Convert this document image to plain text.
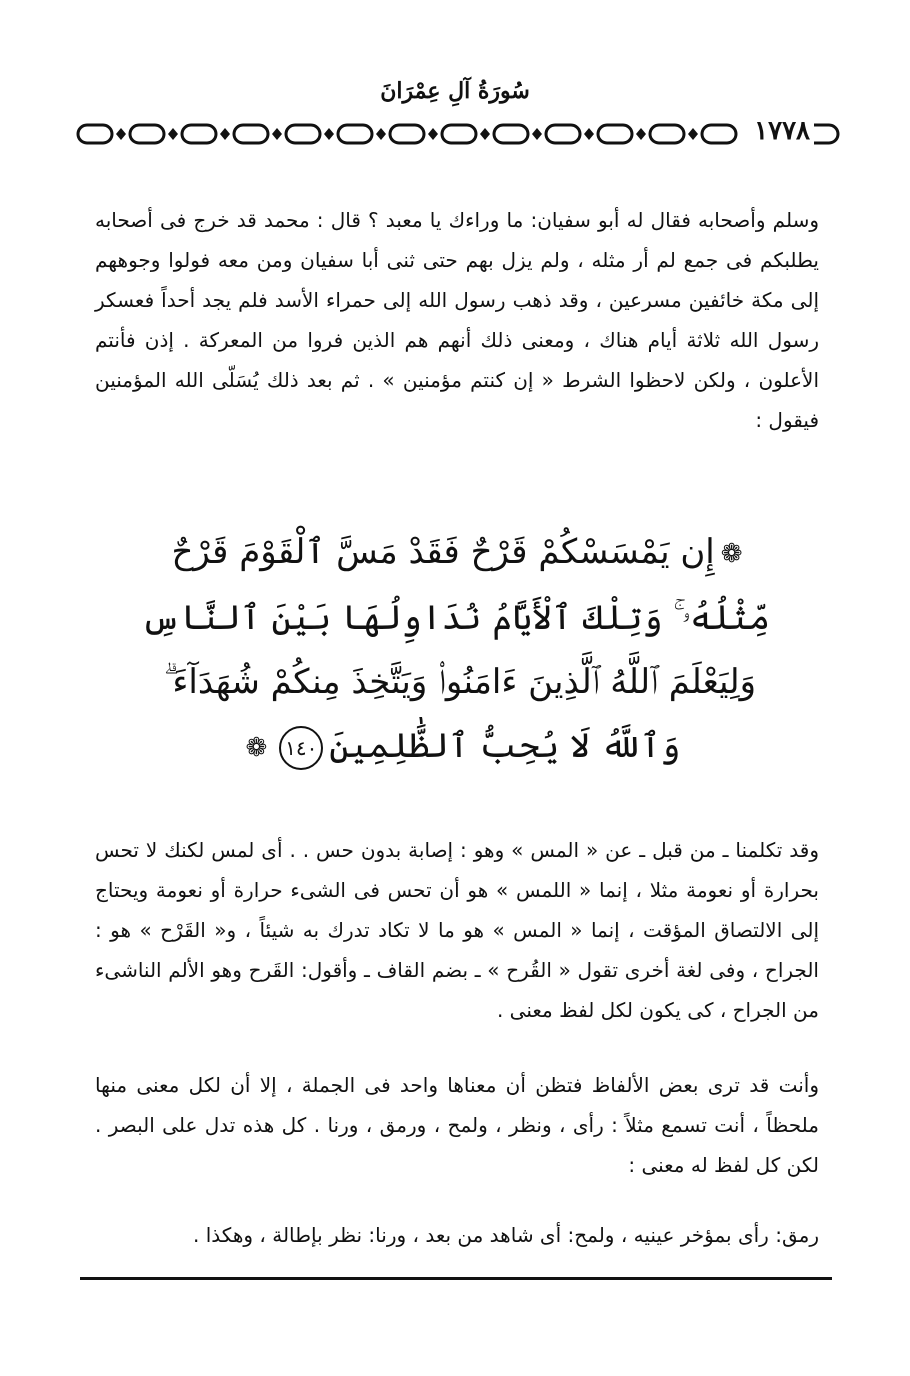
سُورَةُ آلِ عِمْرَانَ
١٧٧٨

وسلم وأصحابه فقال له أبو سفيان: ما وراءك يا معبد ؟ قال : محمد قد خرج فى أصحابه يطلبكم فى جمع لم أر مثله ، ولم يزل بهم حتى ثنى أبا سفيان ومن معه فولوا وجوههم إلى مكة خائفين مسرعين ، وقد ذهب رسول الله إلى حمراء الأسد فلم يجد أحداً فعسكر رسول الله ثلاثة أيام هناك ، ومعنى ذلك أنهم هم الذين فروا من المعركة . إذن فأنتم الأعلون ، ولكن لاحظوا الشرط « إن كنتم مؤمنين » . ثم بعد ذلك يُسَلّى الله المؤمنين فيقول :

❁إِن يَمْسَسْكُمْ قَرْحٌ فَقَدْ مَسَّ ٱلْقَوْمَ قَرْحٌ
مِّثْلُهُۥ ۚ وَتِلْكَ ٱلْأَيَّامُ نُدَاوِلُهَا بَيْنَ ٱلنَّاسِ
وَلِيَعْلَمَ ٱللَّهُ ٱلَّذِينَ ءَامَنُوا۟ وَيَتَّخِذَ مِنكُمْ شُهَدَآءَ ۗ
وَٱللَّهُ لَا يُحِبُّ ٱلظَّٰلِمِينَ١٤٠❁

وقد تكلمنا ـ من قبل ـ عن « المس » وهو : إصابة بدون حس . . أى لمس لكنك لا تحس بحرارة أو نعومة مثلا ، إنما « اللمس » هو أن تحس فى الشىء حرارة أو نعومة ويحتاج إلى الالتصاق المؤقت ، إنما « المس » هو ما لا تكاد تدرك به شيئاً ، و« القَرْح » هو : الجراح ، وفى لغة أخرى تقول « القُرح » ـ بضم القاف ـ وأقول: القَرح وهو الألم الناشىء من الجراح ، كى يكون لكل لفظ معنى .

وأنت قد ترى بعض الألفاظ فتظن أن معناها واحد فى الجملة ، إلا أن لكل معنى منها ملحظاً ، أنت تسمع مثلاً : رأى ، ونظر ، ولمح ، ورمق ، ورنا . كل هذه تدل على البصر . لكن كل لفظ له معنى :

رمق: رأى بمؤخر عينيه ، ولمح: أى شاهد من بعد ، ورنا: نظر بإطالة ، وهكذا .
